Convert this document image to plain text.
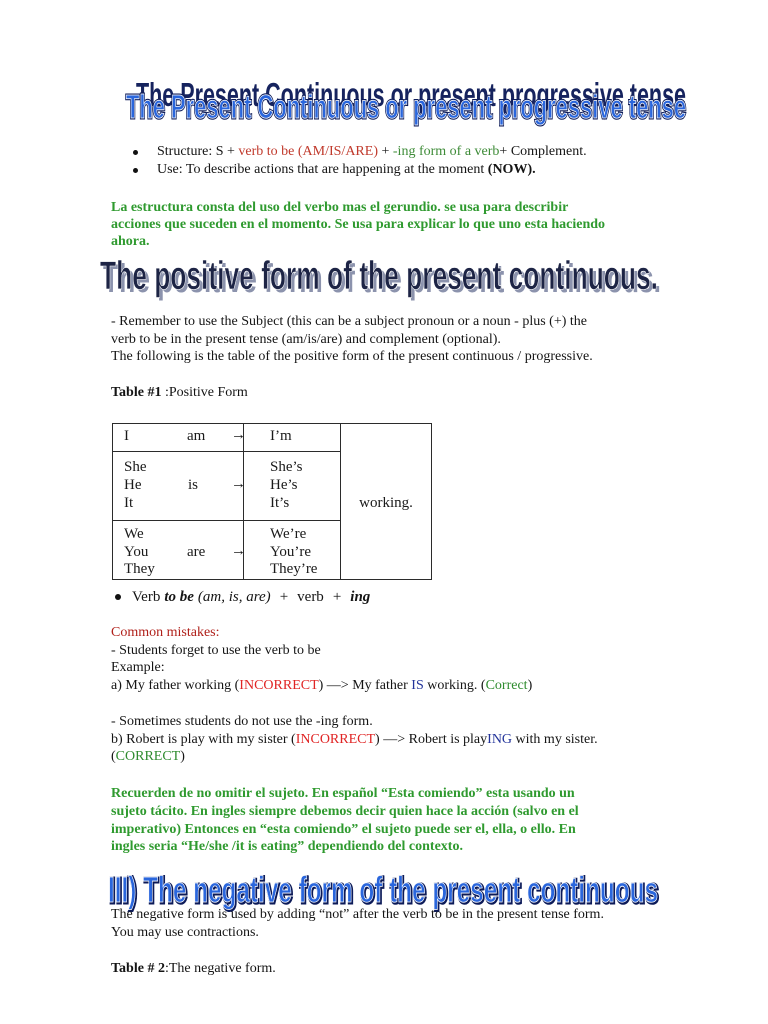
The Present Continuous or present progressive tense
The Present Continuous or present progressive tense
The Present Continuous or present progressive tense
Structure: S + verb to be (AM/IS/ARE) + -ing form of a verb+ Complement.
Use: To describe actions that are happening at the moment (NOW).
La estructura consta del uso del verbo mas el gerundio. se usa para describir
acciones que suceden en el momento. Se usa para explicar lo que uno esta haciendo
ahora.
The positive form of the present continuous.
The positive form of the present continuous.
- Remember to use the Subject (this can be a subject pronoun or a noun - plus (+) the
verb to be in the present tense (am/is/are) and complement (optional).
The following is the table of the positive form of the present continuous / progressive.
Table #1 :Positive Form
I	am → I’m
She
He
It
is →
She’s
He’s
It’s
We
You
They
are →
We’re
You’re
They’re
working.
Verb to be (am, is, are) + verb + ing
Common mistakes:
- Students forget to use the verb to be
Example:
a) My father working (INCORRECT) —> My father IS working. (Correct)
- Sometimes students do not use the -ing form.
b) Robert is play with my sister (INCORRECT) —> Robert is playING with my sister.
(CORRECT)
Recuerden de no omitir el sujeto. En español “Esta comiendo” esta usando un
sujeto tácito. En ingles siempre debemos decir quien hace la acción (salvo en el
imperativo) Entonces en “esta comiendo” el sujeto puede ser el, ella, o ello. En
ingles seria “He/she /it is eating” dependiendo del contexto.
III) The negative form of the present continuous
III) The negative form of the present continuous
The negative form is used by adding “not” after the verb to be in the present tense form.
You may use contractions.
Table # 2:The negative form.
